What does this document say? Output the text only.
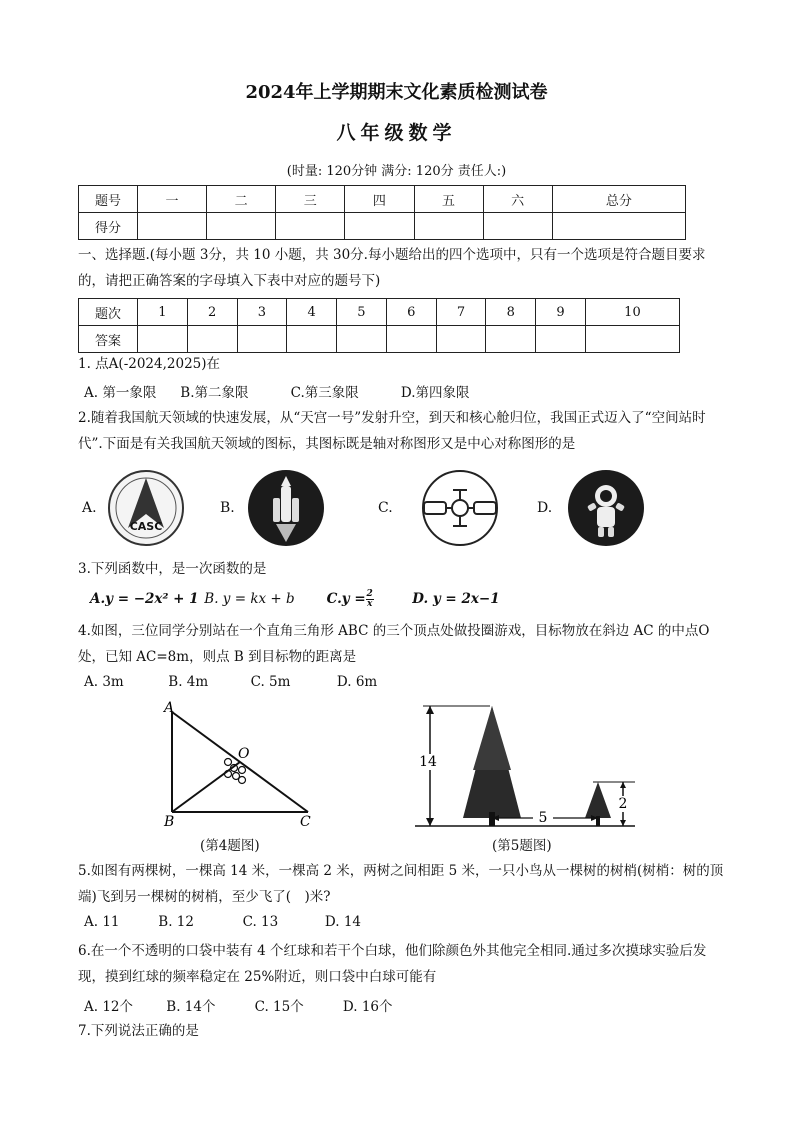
2024年上学期期末文化素质检测试卷
八年级数学
(时量: 120分钟 满分: 120分 责任人:)
题号	一	二	三	四	五	六	总分
得分							
一、选择题.(每小题 3分，共 10 小题，共 30分.每小题给出的四个选项中，只有一个选项是符合题目要求的，请把正确答案的字母填入下表中对应的题号下)
题次	1	2	3	4	5	6	7	8	9	10
答案										
1. 点A(-2024,2025)在
A. 第一象限 B.第二象限	C.第三象限	D.第四象限
2.随着我国航天领域的快速发展，从“天宫一号”发射升空，到天和核心舱归位，我国正式迈入了“空间站时代”.下面是有关我国航天领域的图标，其图标既是轴对称图形又是中心对称图形的是
A.	B.	C.	D.
CASC
3.下列函数中，是一次函数的是
A.y = −2x² + 1 B. y = kx + b $C.y = \frac{2}{x}$	D. y = 2x−1
4.如图，三位同学分别站在一个直角三角形 ABC 的三个顶点处做投圈游戏，目标物放在斜边 AC 的中点O处，已知 AC=8m，则点 B 到目标物的距离是
A. 3m	B. 4m	C. 5m	D. 6m
A
B	C
O
(第4题图)
5
14
2
(第5题图)
5.如图有两棵树，一棵高 14 米，一棵高 2 米，两树之间相距 5 米，一只小鸟从一棵树的树梢(树梢：树的顶端)飞到另一棵树的树梢，至少飞了(　)米?
A. 11	B. 12	C. 13	D. 14
6.在一个不透明的口袋中装有 4 个红球和若干个白球，他们除颜色外其他完全相同.通过多次摸球实验后发现，摸到红球的频率稳定在 25%附近，则口袋中白球可能有
A. 12个 B. 14个	C. 15个	D. 16个
7.下列说法正确的是
